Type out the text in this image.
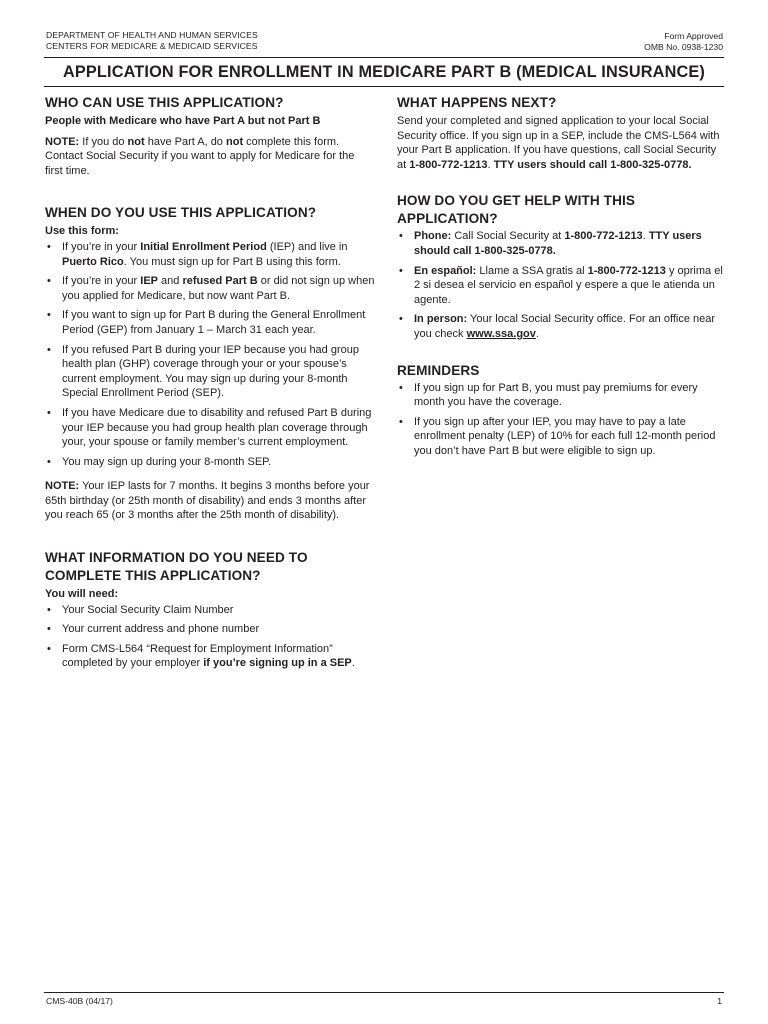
DEPARTMENT OF HEALTH AND HUMAN SERVICES
CENTERS FOR MEDICARE & MEDICAID SERVICES
Form Approved
OMB No. 0938-1230
APPLICATION FOR ENROLLMENT IN MEDICARE PART B (MEDICAL INSURANCE)
WHO CAN USE THIS APPLICATION?

People with Medicare who have Part A but not Part B

NOTE: If you do not have Part A, do not complete this form. Contact Social Security if you want to apply for Medicare for the first time.

WHEN DO YOU USE THIS APPLICATION?

Use this form:

• If you’re in your Initial Enrollment Period (IEP) and live in Puerto Rico. You must sign up for Part B using this form.
• If you’re in your IEP and refused Part B or did not sign up when you applied for Medicare, but now want Part B.
• If you want to sign up for Part B during the General Enrollment Period (GEP) from January 1 – March 31 each year.
• If you refused Part B during your IEP because you had group health plan (GHP) coverage through your or your spouse’s current employment. You may sign up during your 8-month Special Enrollment Period (SEP).
• If you have Medicare due to disability and refused Part B during your IEP because you had group health plan coverage through your, your spouse or family member’s current employment.
• You may sign up during your 8-month SEP.

NOTE: Your IEP lasts for 7 months. It begins 3 months before your 65th birthday (or 25th month of disability) and ends 3 months after you reach 65 (or 3 months after the 25th month of disability).

WHAT INFORMATION DO YOU NEED TO COMPLETE THIS APPLICATION?

You will need:

• Your Social Security Claim Number
• Your current address and phone number
• Form CMS-L564 “Request for Employment Information” completed by your employer if you’re signing up in a SEP.
WHAT HAPPENS NEXT?

Send your completed and signed application to your local Social Security office. If you sign up in a SEP, include the CMS-L564 with your Part B application. If you have questions, call Social Security at 1-800-772-1213. TTY users should call 1-800-325-0778.

HOW DO YOU GET HELP WITH THIS APPLICATION?
• Phone: Call Social Security at 1-800-772-1213. TTY users should call 1-800-325-0778.
• En español: Llame a SSA gratis al 1-800-772-1213 y oprima el 2 si desea el servicio en español y espere a que le atienda un agente.
• In person: Your local Social Security office. For an office near you check www.ssa.gov.
REMINDERS
• If you sign up for Part B, you must pay premiums for every month you have the coverage.
• If you sign up after your IEP, you may have to pay a late enrollment penalty (LEP) of 10% for each full 12-month period you don’t have Part B but were eligible to sign up.
CMS-40B (04/17)	1
